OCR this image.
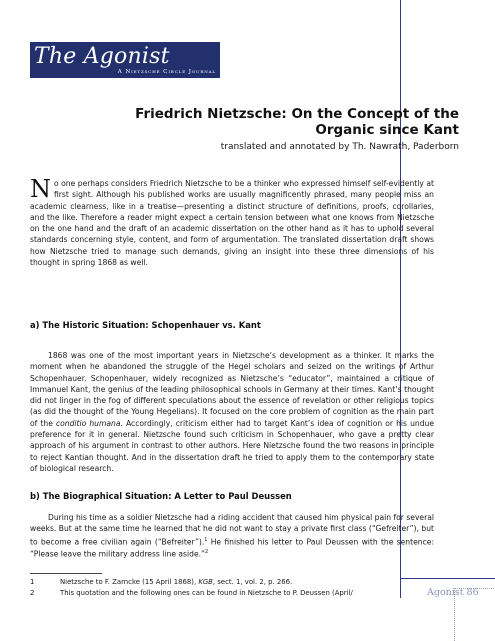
The Agonist
A Nietzsche Circle Journal
Friedrich Nietzsche: On the Concept of the Organic since Kant
translated and annotated by Th. Nawrath, Paderborn
No one perhaps considers Friedrich Nietzsche to be a thinker who expressed himself self-evidently at first sight. Although his published works are usually magnificently phrased, many people miss an academic clearness, like in a treatise—presenting a distinct structure of definitions, proofs, corollaries, and the like. Therefore a reader might expect a certain tension between what one knows from Nietzsche on the one hand and the draft of an academic dissertation on the other hand as it has to uphold several standards concerning style, content, and form of argumentation. The translated dissertation draft shows how Nietzsche tried to manage such demands, giving an insight into these three dimensions of his thought in spring 1868 as well.
a) The Historic Situation: Schopenhauer vs. Kant
1868 was one of the most important years in Nietzsche’s development as a thinker. It marks the moment when he abandoned the struggle of the Hegel scholars and seized on the writings of Arthur Schopenhauer. Schopenhauer, widely recognized as Nietzsche’s “educator”, maintained a critique of Immanuel Kant, the genius of the leading philosophical schools in Germany at their times. Kant’s thought did not linger in the fog of different speculations about the essence of revelation or other religious topics (as did the thought of the Young Hegelians). It focused on the core problem of cognition as the main part of the conditio humana. Accordingly, criticism either had to target Kant’s idea of cognition or his undue preference for it in general. Nietzsche found such criticism in Schopenhauer, who gave a pretty clear approach of his argument in contrast to other authors. Here Nietzsche found the two reasons in principle to reject Kantian thought. And in the dissertation draft he tried to apply them to the contemporary state of biological research.
b) The Biographical Situation: A Letter to Paul Deussen
During his time as a soldier Nietzsche had a riding accident that caused him physical pain for several weeks. But at the same time he learned that he did not want to stay a private first class (“Gefreiter”), but to become a free civilian again (“Befreiter”).$^1$ He finished his letter to Paul Deussen with the sentence: “Please leave the military address line aside.”$^2$
1	Nietzsche to F. Zarncke (15 April 1868), KGB, sect. 1, vol. 2, p. 266.
2	This quotation and the following ones can be found in Nietzsche to P. Deussen (April/	Agonist 86
